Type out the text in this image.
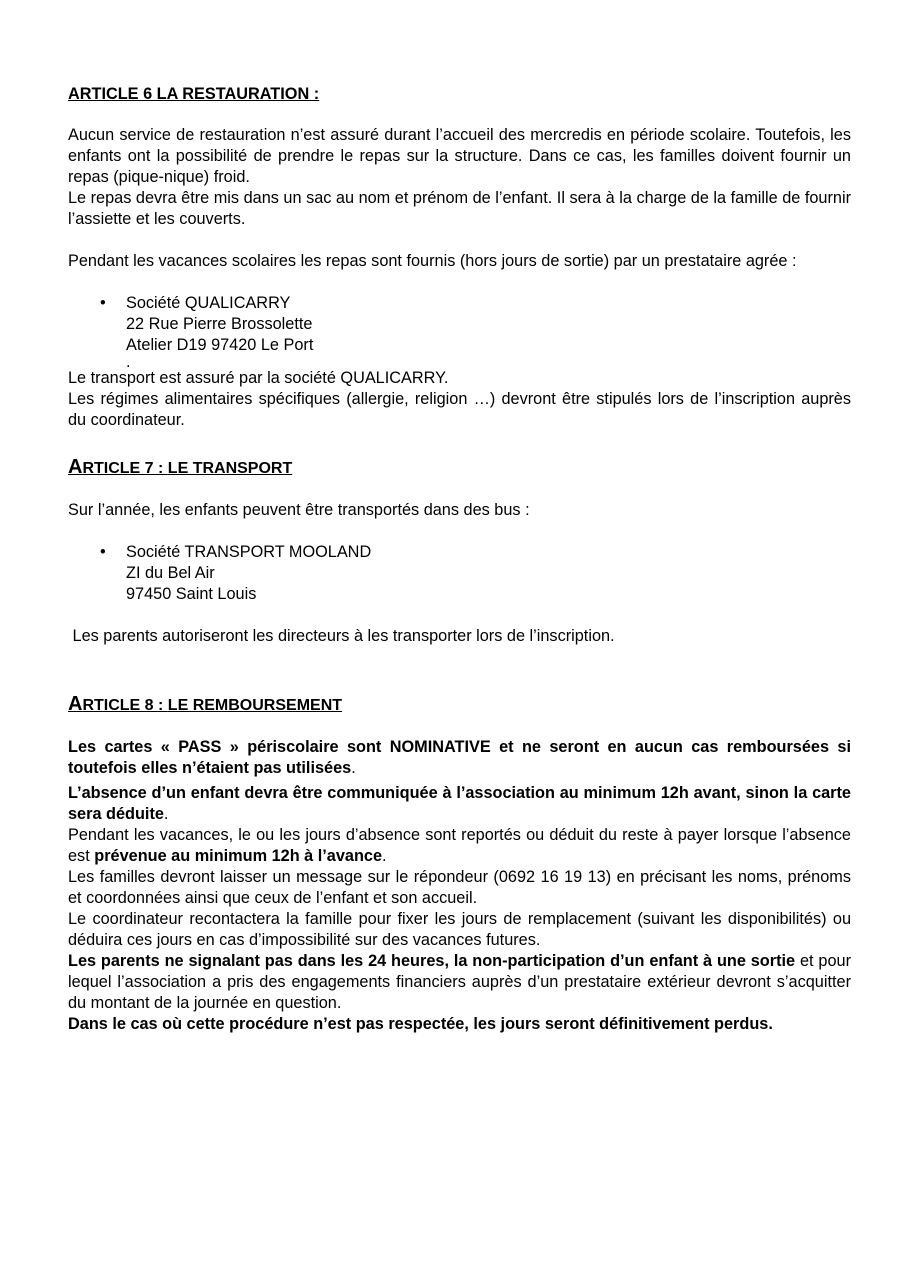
ARTICLE 6 LA RESTAURATION :

Aucun service de restauration n’est assuré durant l’accueil des mercredis en période scolaire. Toutefois, les enfants ont la possibilité de prendre le repas sur la structure. Dans ce cas, les familles doivent fournir un repas (pique-nique) froid.

Le repas devra être mis dans un sac au nom et prénom de l’enfant. Il sera à la charge de la famille de fournir l’assiette et les couverts.

Pendant les vacances scolaires les repas sont fournis (hors jours de sortie) par un prestataire agrée :

• Société QUALICARRY
22 Rue Pierre Brossolette
Atelier D19 97420 Le Port
.

Le transport est assuré par la société QUALICARRY.

Les régimes alimentaires spécifiques (allergie, religion …) devront être stipulés lors de l’inscription auprès du coordinateur.

ARTICLE 7 : LE TRANSPORT

Sur l’année, les enfants peuvent être transportés dans des bus :

• Société TRANSPORT MOOLAND
ZI du Bel Air
97450 Saint Louis

Les parents autoriseront les directeurs à les transporter lors de l’inscription.

ARTICLE 8 : LE REMBOURSEMENT

Les cartes « PASS » périscolaire sont NOMINATIVE et ne seront en aucun cas remboursées si toutefois elles n’étaient pas utilisées.

L’absence d’un enfant devra être communiquée à l’association au minimum 12h avant, sinon la carte sera déduite.

Pendant les vacances, le ou les jours d’absence sont reportés ou déduit du reste à payer lorsque l’absence est prévenue au minimum 12h à l’avance.

Les familles devront laisser un message sur le répondeur (0692 16 19 13) en précisant les noms, prénoms et coordonnées ainsi que ceux de l’enfant et son accueil.

Le coordinateur recontactera la famille pour fixer les jours de remplacement (suivant les disponibilités) ou déduira ces jours en cas d’impossibilité sur des vacances futures.

Les parents ne signalant pas dans les 24 heures, la non-participation d’un enfant à une sortie et pour lequel l’association a pris des engagements financiers auprès d’un prestataire extérieur devront s’acquitter du montant de la journée en question.

Dans le cas où cette procédure n’est pas respectée, les jours seront définitivement perdus.
